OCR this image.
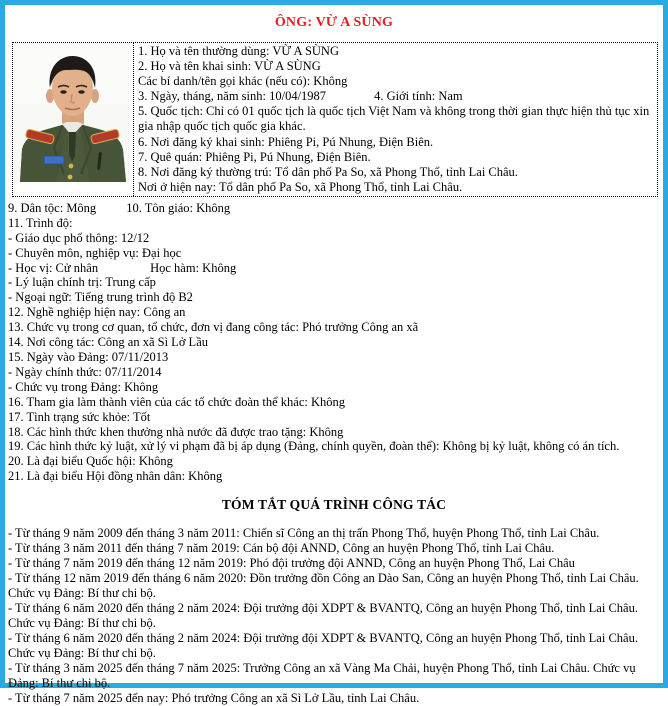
ÔNG: VỪ A SÙNG
1. Họ và tên thường dùng: VỪ A SÙNG
2. Họ và tên khai sinh: VỪ A SÙNG
Các bí danh/tên gọi khác (nếu có): Không
3. Ngày, tháng, năm sinh: 10/04/1987	4. Giới tính: Nam
5. Quốc tịch: Chỉ có 01 quốc tịch là quốc tịch Việt Nam và không trong thời gian thực hiện thủ tục xin gia nhập quốc tịch quốc gia khác.
6. Nơi đăng ký khai sinh: Phiêng Pi, Pú Nhung, Điện Biên.
7. Quê quán: Phiêng Pi, Pú Nhung, Điện Biên.
8. Nơi đăng ký thường trú: Tổ dân phố Pa So, xã Phong Thổ, tỉnh Lai Châu.
Nơi ở hiện nay: Tổ dân phố Pa So, xã Phong Thổ, tỉnh Lai Châu.
9. Dân tộc: Mông 10. Tôn giáo: Không
11. Trình độ:
- Giáo dục phổ thông: 12/12
- Chuyên môn, nghiệp vụ: Đại học
- Học vị: Cử nhân	Học hàm: Không
- Lý luận chính trị: Trung cấp
- Ngoại ngữ: Tiếng trung trình độ B2
12. Nghề nghiệp hiện nay: Công an
13. Chức vụ trong cơ quan, tổ chức, đơn vị đang công tác: Phó trưởng Công an xã
14. Nơi công tác: Công an xã Sì Lở Lầu
15. Ngày vào Đảng: 07/11/2013
- Ngày chính thức: 07/11/2014
- Chức vụ trong Đảng: Không
16. Tham gia làm thành viên của các tổ chức đoàn thể khác: Không
17. Tình trạng sức khỏe: Tốt
18. Các hình thức khen thưởng nhà nước đã được trao tặng: Không
19. Các hình thức kỷ luật, xử lý vi phạm đã bị áp dụng (Đảng, chính quyền, đoàn thể): Không bị kỷ luật, không có án tích.
20. Là đại biểu Quốc hội: Không
21. Là đại biểu Hội đồng nhân dân: Không
TÓM TẮT QUÁ TRÌNH CÔNG TÁC
- Từ tháng 9 năm 2009 đến tháng 3 năm 2011: Chiến sĩ Công an thị trấn Phong Thổ, huyện Phong Thổ, tỉnh Lai Châu.
- Từ tháng 3 năm 2011 đến tháng 7 năm 2019: Cán bộ đội ANND, Công an huyện Phong Thổ, tỉnh Lai Châu.
- Từ tháng 7 năm 2019 đến tháng 12 năm 2019: Phó đội trưởng đội ANND, Công an huyện Phong Thổ, Lai Châu
- Từ tháng 12 năm 2019 đến tháng 6 năm 2020: Đồn trưởng đồn Công an Dào San, Công an huyện Phong Thổ, tỉnh Lai Châu. Chức vụ Đảng: Bí thư chi bộ.
- Từ tháng 6 năm 2020 đến tháng 2 năm 2024: Đội trưởng đội XDPT & BVANTQ, Công an huyện Phong Thổ, tỉnh Lai Châu. Chức vụ Đảng: Bí thư chi bộ.
- Từ tháng 6 năm 2020 đến tháng 2 năm 2024: Đội trưởng đội XDPT & BVANTQ, Công an huyện Phong Thổ, tỉnh Lai Châu. Chức vụ Đảng: Bí thư chi bộ.
- Từ tháng 3 năm 2025 đến tháng 7 năm 2025: Trưởng Công an xã Vàng Ma Chải, huyện Phong Thổ, tỉnh Lai Châu. Chức vụ Đảng: Bí thư chi bộ.
- Từ tháng 7 năm 2025 đến nay: Phó trưởng Công an xã Sì Lở Lầu, tỉnh Lai Châu.
